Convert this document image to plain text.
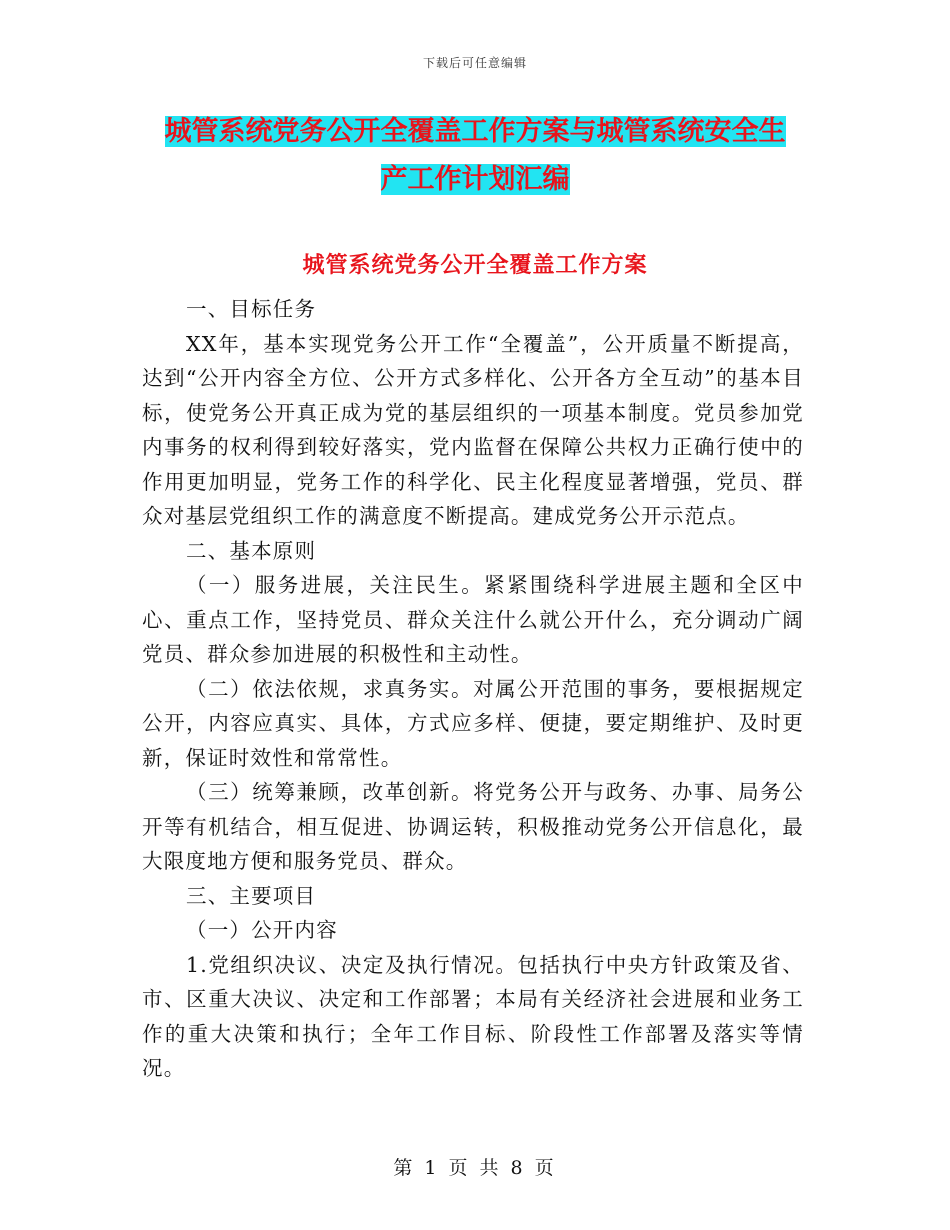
下载后可任意编辑
城管系统党务公开全覆盖工作方案与城管系统安全生
产工作计划汇编
城管系统党务公开全覆盖工作方案

一、目标任务

XX年，基本实现党务公开工作“全覆盖”，公开质量不断提高，达到“公开内容全方位、公开方式多样化、公开各方全互动”的基本目标，使党务公开真正成为党的基层组织的一项基本制度。党员参加党内事务的权利得到较好落实，党内监督在保障公共权力正确行使中的作用更加明显，党务工作的科学化、民主化程度显著增强，党员、群众对基层党组织工作的满意度不断提高。建成党务公开示范点。

二、基本原则

（一）服务进展，关注民生。紧紧围绕科学进展主题和全区中心、重点工作，坚持党员、群众关注什么就公开什么，充分调动广阔党员、群众参加进展的积极性和主动性。

（二）依法依规，求真务实。对属公开范围的事务，要根据规定公开，内容应真实、具体，方式应多样、便捷，要定期维护、及时更新，保证时效性和常常性。

（三）统筹兼顾，改革创新。将党务公开与政务、办事、局务公开等有机结合，相互促进、协调运转，积极推动党务公开信息化，最大限度地方便和服务党员、群众。

三、主要项目

（一）公开内容

1.党组织决议、决定及执行情况。包括执行中央方针政策及省、市、区重大决议、决定和工作部署；本局有关经济社会进展和业务工作的重大决策和执行；全年工作目标、阶段性工作部署及落实等情况。

第 1 页 共 8 页
